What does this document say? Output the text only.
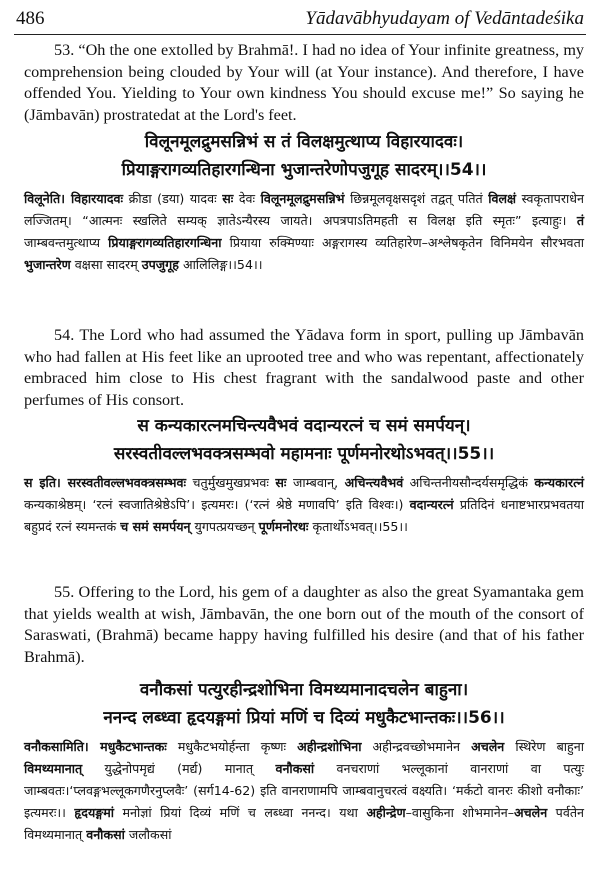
486	Yādavābhyudayam of Vedāntadeśika

53. “Oh the one extolled by Brahmā!. I had no idea of Your infinite greatness, my comprehension being clouded by Your will (at Your instance). And therefore, I have offended You. Yielding to Your own kindness You should excuse me!” So saying he (Jāmbavān) prostratedat at the Lord's feet.

विलूनमूलद्रुमसन्निभं स तं विलक्षमुत्थाप्य विहारयादवः।

प्रियाङ्गरागव्यतिहारगन्धिना भुजान्तरेणोपजुगूह सादरम्।।54।।

विलूनेति। विहारयादवः क्रीडा (डया) यादवः सः देवः विलूनमूलद्रुमसन्निभं छिन्नमूलवृक्षसदृशं तद्वत् पतितं विलक्षं स्वकृतापराधेन लज्जितम्। “आत्मनः स्खलिते सम्यक् ज्ञातेऽन्यैरस्य जायते। अपत्रपाऽतिमहती स विलक्ष इति स्मृतः” इत्याहुः। तं जाम्बवन्तमुत्थाप्य प्रियाङ्गरागव्यतिहारगन्धिना प्रियाया रुक्मिण्याः अङ्गरागस्य व्यतिहारेण–अश्लेषकृतेन विनिमयेन सौरभवता भुजान्तरेण वक्षसा सादरम् उपजुगूह आलिलिङ्ग।।54।।

54. The Lord who had assumed the Yādava form in sport, pulling up Jāmbavān who had fallen at His feet like an uprooted tree and who was repentant, affectionately embraced him close to His chest fragrant with the sandalwood paste and other perfumes of His consort.

स कन्यकारत्नमचिन्त्यवैभवं वदान्यरत्नं च समं समर्पयन्।

सरस्वतीवल्लभवक्त्रसम्भवो महामनाः पूर्णमनोरथोऽभवत्।।55।।

स इति। सरस्वतीवल्लभवक्त्रसम्भवः चतुर्मुखमुखप्रभवः सः जाम्बवान्, अचिन्त्यवैभवं अचिन्तनीयसौन्दर्यसमृद्धिकं कन्यकारत्नं कन्यकाश्रेष्ठम्। ‘रत्नं स्वजातिश्रेष्ठेऽपि’। इत्यमरः। (‘रत्नं श्रेष्ठे मणावपि’ इति विश्वः।) वदान्यरत्नं प्रतिदिनं धनाष्टभारप्रभवतया बहुप्रदं रत्नं स्यमन्तकं च समं समर्पयन् युगपत्प्रयच्छन् पूर्णमनोरथः कृतार्थोऽभवत्।।55।।

55. Offering to the Lord, his gem of a daughter as also the great Syamantaka gem that yields wealth at wish, Jāmbavān, the one born out of the mouth of the consort of Saraswati, (Brahmā) became happy having fulfilled his desire (and that of his father Brahmā).

वनौकसां पत्युरहीन्द्रशोभिना विमथ्यमानादचलेन बाहुना।

ननन्द लब्ध्वा हृदयङ्गमां प्रियां मणिं च दिव्यं मधुकैटभान्तकः।।56।।

वनौकसामिति। मधुकैटभान्तकः मधुकैटभयोर्हन्ता कृष्णः अहीन्द्रशोभिना अहीन्द्रवच्छोभमानेन अचलेन स्थिरेण बाहुना विमथ्यमानात् युद्धेनोपमृद्यं (मर्द्य) मानात् वनौकसां वनचराणां भल्लूकानां वानराणां वा पत्युः जाम्बवतः।‘प्लवङ्गभल्लूकगणैरनुप्लवैः’ (सर्ग14-62) इति वानराणामपि जाम्बवानुचरत्वं वक्ष्यति। ‘मर्कटो वानरः कीशो वनौकाः’ इत्यमरः।। हृदयङ्गमां मनोज्ञां प्रियां दिव्यं मणिं च लब्ध्वा ननन्द। यथा अहीन्द्रेण–वासुकिना शोभमानेन–अचलेन पर्वतेन विमथ्यमानात् वनौकसां जलौकसां
